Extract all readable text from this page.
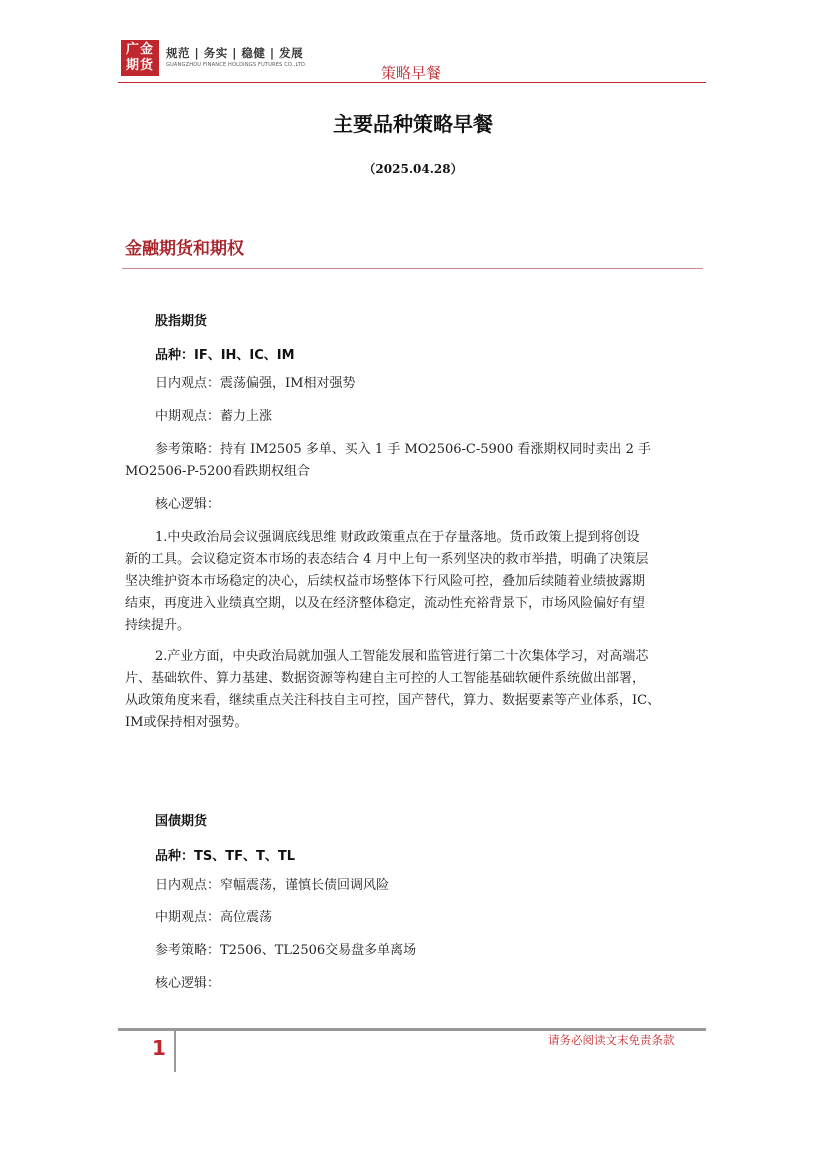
广金
期货
规范 | 务实 | 稳健 | 发展
GUANGZHOU FINANCE HOLDINGS FUTURES CO.,LTD.	策略早餐
主要品种策略早餐
（2025.04.28）
金融期货和期权
股指期货
品种：IF、IH、IC、IM
日内观点：震荡偏强，IM相对强势
中期观点：蓄力上涨
参考策略：持有 IM2505 多单、买入 1 手 MO2506-C-5900 看涨期权同时卖出 2 手
MO2506-P-5200看跌期权组合
核心逻辑：
1.中央政治局会议强调底线思维 财政政策重点在于存量落地。货币政策上提到将创设
新的工具。会议稳定资本市场的表态结合 4 月中上旬一系列坚决的救市举措，明确了决策层
坚决维护资本市场稳定的决心，后续权益市场整体下行风险可控，叠加后续随着业绩披露期
结束，再度进入业绩真空期，以及在经济整体稳定，流动性充裕背景下，市场风险偏好有望
持续提升。
2.产业方面，中央政治局就加强人工智能发展和监管进行第二十次集体学习，对高端芯
片、基础软件、算力基建、数据资源等构建自主可控的人工智能基础软硬件系统做出部署，
从政策角度来看，继续重点关注科技自主可控，国产替代，算力、数据要素等产业体系，IC、
IM或保持相对强势。
国债期货
品种：TS、TF、T、TL
日内观点：窄幅震荡，谨慎长债回调风险
中期观点：高位震荡
参考策略：T2506、TL2506交易盘多单离场
核心逻辑：
1	请务必阅读文末免责条款
